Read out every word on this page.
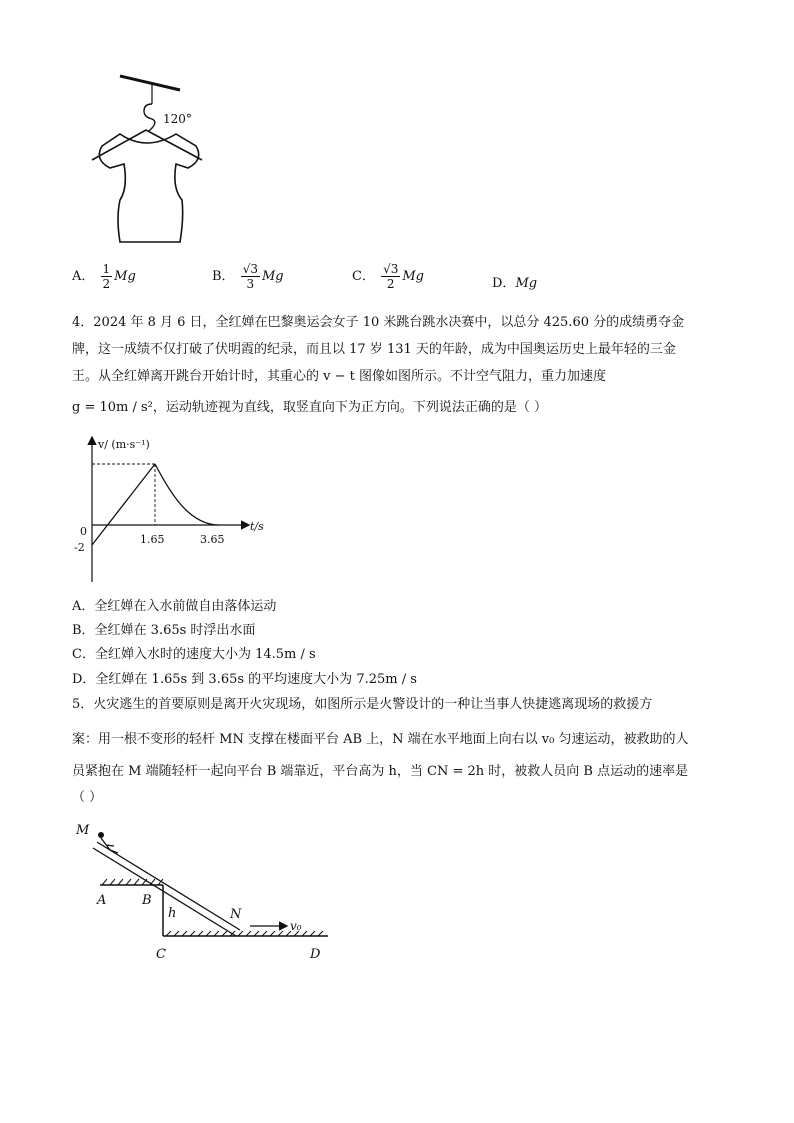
120°
A． $\frac{1}{2}$ Mg	B． $\frac{√3}{3}$ Mg	C． $\frac{√3}{2}$ Mg	D．Mg
4．2024 年 8 月 6 日，全红婵在巴黎奥运会女子 10 米跳台跳水决赛中，以总分 425.60 分的成绩勇夺金
牌，这一成绩不仅打破了伏明霞的纪录，而且以 17 岁 131 天的年龄，成为中国奥运历史上最年轻的三金
王。从全红婵离开跳台开始计时，其重心的 v − t 图像如图所示。不计空气阻力，重力加速度
g = 10m / s²，运动轨迹视为直线，取竖直向下为正方向。下列说法正确的是（ ）
v/ (m·s⁻¹)
t/s
0
-2
1.65	3.65
A．全红婵在入水前做自由落体运动
B．全红婵在 3.65s 时浮出水面
C．全红婵入水时的速度大小为 14.5m / s
D．全红婵在 1.65s 到 3.65s 的平均速度大小为 7.25m / s
5．火灾逃生的首要原则是离开火灾现场，如图所示是火警设计的一种让当事人快捷逃离现场的救援方
案：用一根不变形的轻杆 MN 支撑在楼面平台 AB 上，N 端在水平地面上向右以 v₀ 匀速运动，被救助的人
员紧抱在 M 端随轻杆一起向平台 B 端靠近，平台高为 h，当 CN = 2h 时，被救人员向 B 点运动的速率是
（ ）
M
A	B
h	N
v₀
C	D
